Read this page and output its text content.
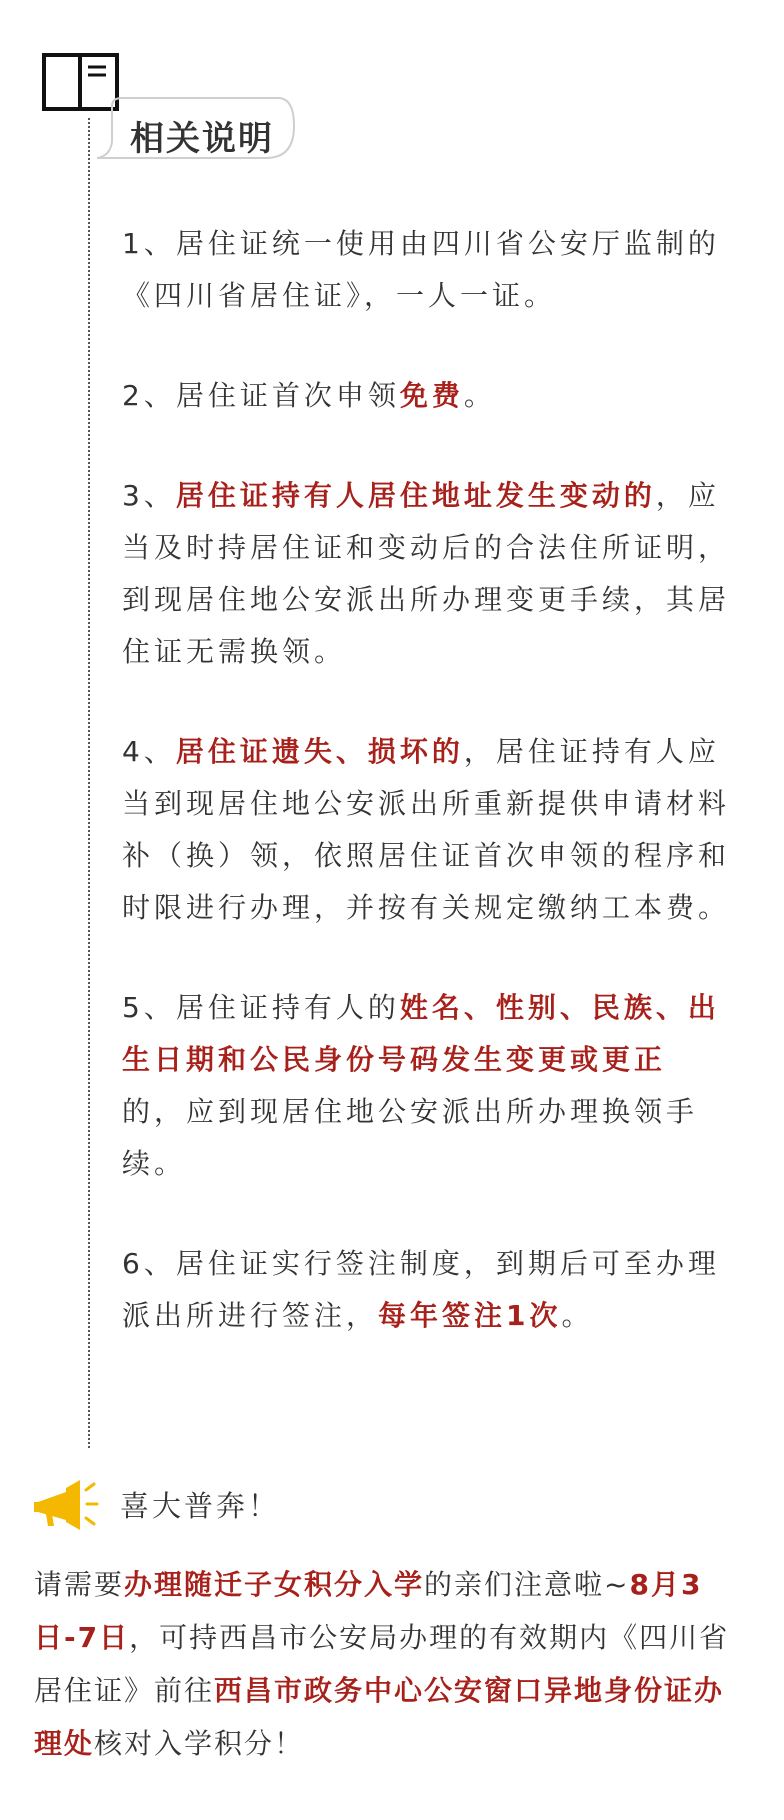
相关说明
1、居住证统一使用由四川省公安厅监制的《四川省居住证》，一人一证。
2、居住证首次申领免费。
3、居住证持有人居住地址发生变动的，应当及时持居住证和变动后的合法住所证明，到现居住地公安派出所办理变更手续，其居住证无需换领。
4、居住证遗失、损坏的，居住证持有人应当到现居住地公安派出所重新提供申请材料补（换）领，依照居住证首次申领的程序和时限进行办理，并按有关规定缴纳工本费。
5、居住证持有人的姓名、性别、民族、出生日期和公民身份号码发生变更或更正的，应到现居住地公安派出所办理换领手续。
6、居住证实行签注制度，到期后可至办理派出所进行签注，每年签注1次。
喜大普奔！
请需要办理随迁子女积分入学的亲们注意啦~8月3日-7日，可持西昌市公安局办理的有效期内《四川省居住证》前往西昌市政务中心公安窗口异地身份证办理处核对入学积分！
